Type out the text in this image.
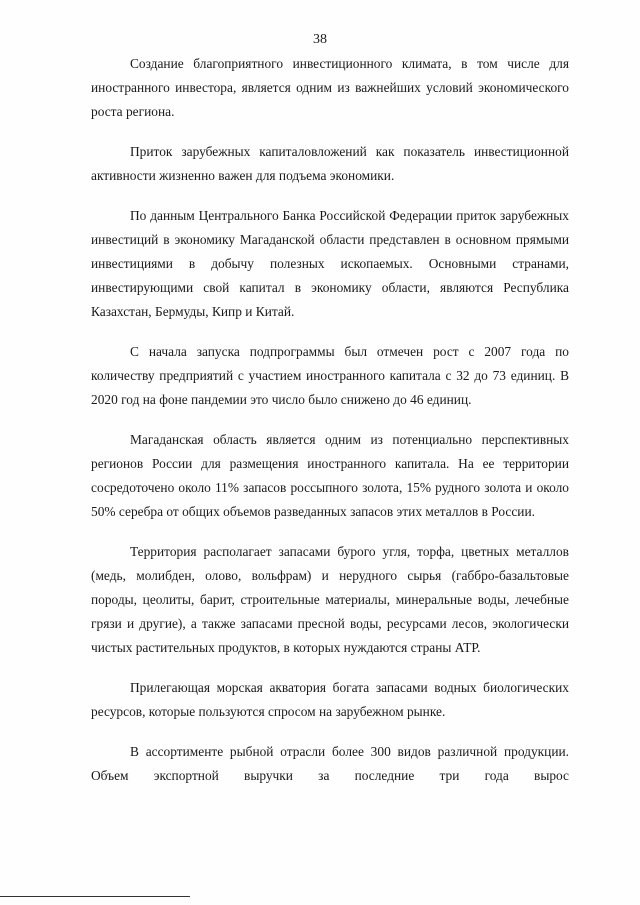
38

Создание благоприятного инвестиционного климата, в том числе для иностранного инвестора, является одним из важнейших условий экономического роста региона.

Приток зарубежных капиталовложений как показатель инвестиционной активности жизненно важен для подъема экономики.

По данным Центрального Банка Российской Федерации приток зарубежных инвестиций в экономику Магаданской области представлен в основном прямыми инвестициями в добычу полезных ископаемых. Основными странами, инвестирующими свой капитал в экономику области, являются Республика Казахстан, Бермуды, Кипр и Китай.

С начала запуска подпрограммы был отмечен рост с 2007 года по количеству предприятий с участием иностранного капитала с 32 до 73 единиц. В 2020 год на фоне пандемии это число было снижено до 46 единиц.

Магаданская область является одним из потенциально перспективных регионов России для размещения иностранного капитала. На ее территории сосредоточено около 11% запасов россыпного золота, 15% рудного золота и около 50% серебра от общих объемов разведанных запасов этих металлов в России.

Территория располагает запасами бурого угля, торфа, цветных металлов (медь, молибден, олово, вольфрам) и нерудного сырья (габбро-базальтовые породы, цеолиты, барит, строительные материалы, минеральные воды, лечебные грязи и другие), а также запасами пресной воды, ресурсами лесов, экологически чистых растительных продуктов, в которых нуждаются страны АТР.

Прилегающая морская акватория богата запасами водных биологических ресурсов, которые пользуются спросом на зарубежном рынке.

В ассортименте рыбной отрасли более 300 видов различной продукции. Объем экспортной выручки за последние три года вырос
